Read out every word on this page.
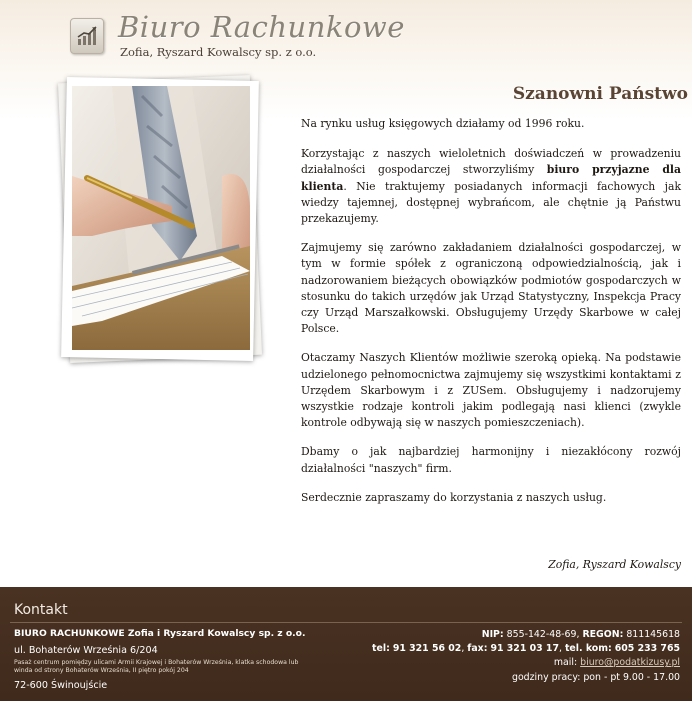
Biuro Rachunkowe
Zofia, Ryszard Kowalscy sp. z o.o.
Szanowni Państwo

Na rynku usług księgowych działamy od 1996 roku.

Korzystając z naszych wieloletnich doświadczeń w prowadzeniu działalności gospodarczej stworzyliśmy biuro przyjazne dla klienta. Nie traktujemy posiadanych informacji fachowych jak wiedzy tajemnej, dostępnej wybrańcom, ale chętnie ją Państwu przekazujemy.

Zajmujemy się zarówno zakładaniem działalności gospodarczej, w tym w formie spółek z ograniczoną odpowiedzialnością, jak i nadzorowaniem bieżących obowiązków podmiotów gospodarczych w stosunku do takich urzędów jak Urząd Statystyczny, Inspekcja Pracy czy Urząd Marszałkowski. Obsługujemy Urzędy Skarbowe w całej Polsce.

Otaczamy Naszych Klientów możliwie szeroką opieką. Na podstawie udzielonego pełnomocnictwa zajmujemy się wszystkimi kontaktami z Urzędem Skarbowym i z ZUSem. Obsługujemy i nadzorujemy wszystkie rodzaje kontroli jakim podlegają nasi klienci (zwykle kontrole odbywają się w naszych pomieszczeniach).

Dbamy o jak najbardziej harmonijny i niezakłócony rozwój działalności "naszych" firm.

Serdecznie zapraszamy do korzystania z naszych usług.

Zofia, Ryszard Kowalscy
Kontakt
BIURO RACHUNKOWE Zofia i Ryszard Kowalscy sp. z o.o.
ul. Bohaterów Września 6/204
Pasaż centrum pomiędzy ulicami Armii Krajowej i Bohaterów Września, klatka schodowa lub winda od strony Bohaterów Września, II piętro pokój 204
72-600 Świnoujście
NIP: 855-142-48-69, REGON: 811145618
tel: 91 321 56 02, fax: 91 321 03 17, tel. kom: 605 233 765
mail: biuro@podatkizusy.pl
godziny pracy: pon - pt 9.00 - 17.00
